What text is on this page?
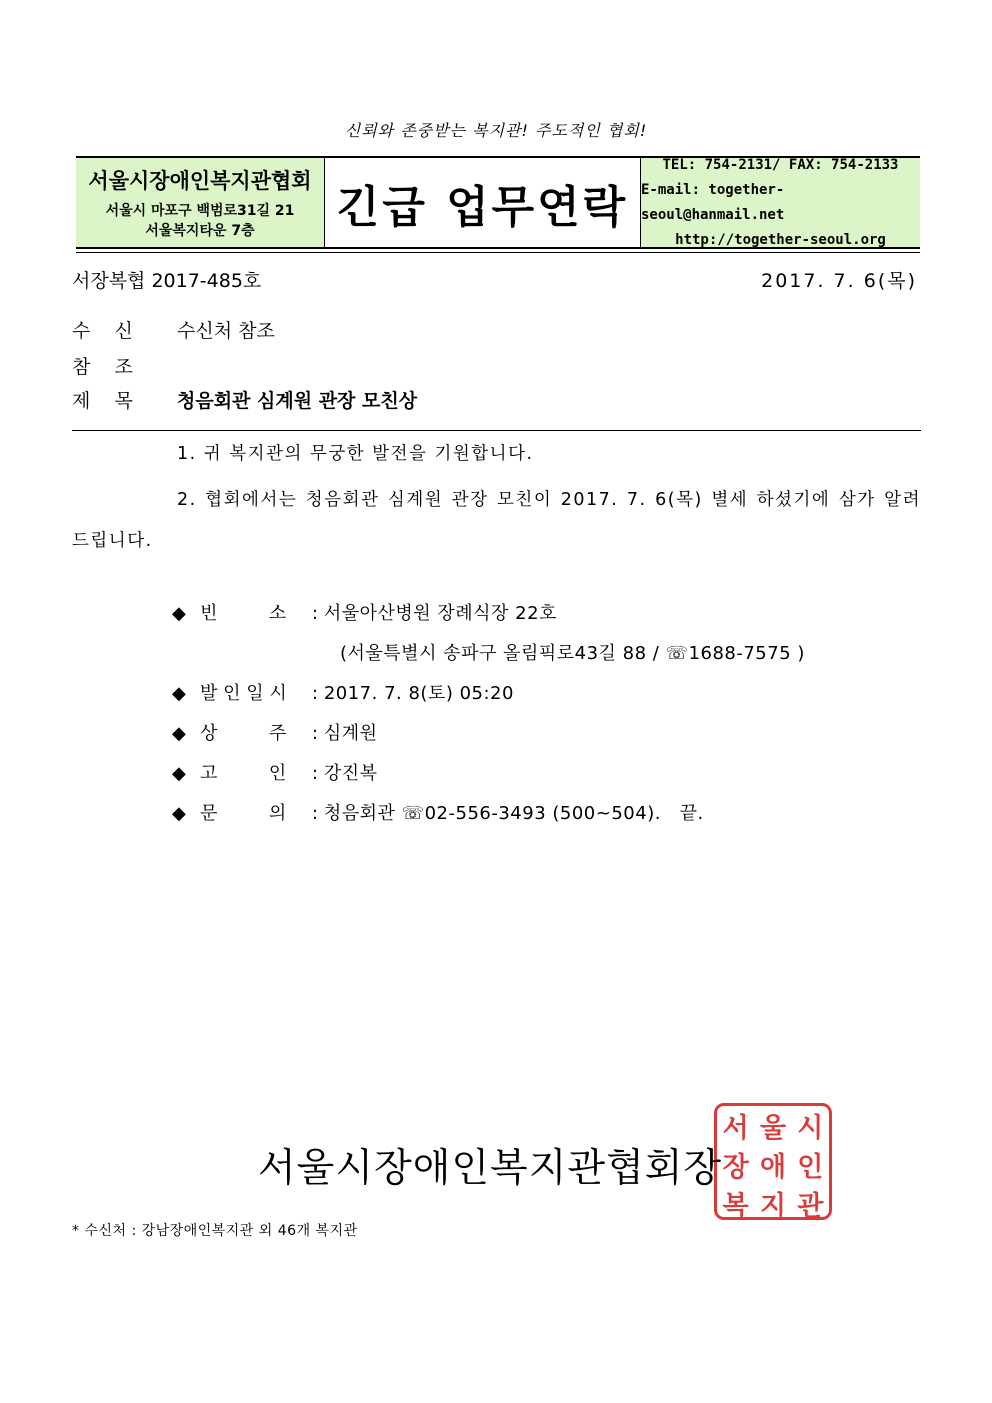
신뢰와 존중받는 복지관! 주도적인 협회!
서울시장애인복지관협회
서울시 마포구 백범로31길 21
서울복지타운 7층	긴급 업무연락
TEL: 754-2131/ FAX: 754-2133
E-mail: together-seoul@hanmail.net
http://together-seoul.org
서장복협 2017-485호	2017. 7. 6(목)
수    신 수신처 참조
참    조
제    목 청음회관 심계원 관장 모친상
1. 귀 복지관의 무궁한 발전을 기원합니다.
2. 협회에서는 청음회관 심계원 관장 모친이 2017. 7. 6(목) 별세 하셨기에 삼가 알려드립니다.
◆ 빈         소 : 서울아산병원 장례식장 22호
(서울특별시 송파구 올림픽로43길 88 / ☏1688-7575 )
◆ 발 인 일 시 : 2017. 7. 8(토) 05:20
◆ 상         주 : 심계원
◆ 고         인 : 강진복
◆ 문         의 : 청음회관 ☏02-556-3493 (500~504).   끝.
서 울 시
장 애 인
복 지 관
서울시장애인복지관협회장
* 수신처 : 강남장애인복지관 외 46개 복지관
